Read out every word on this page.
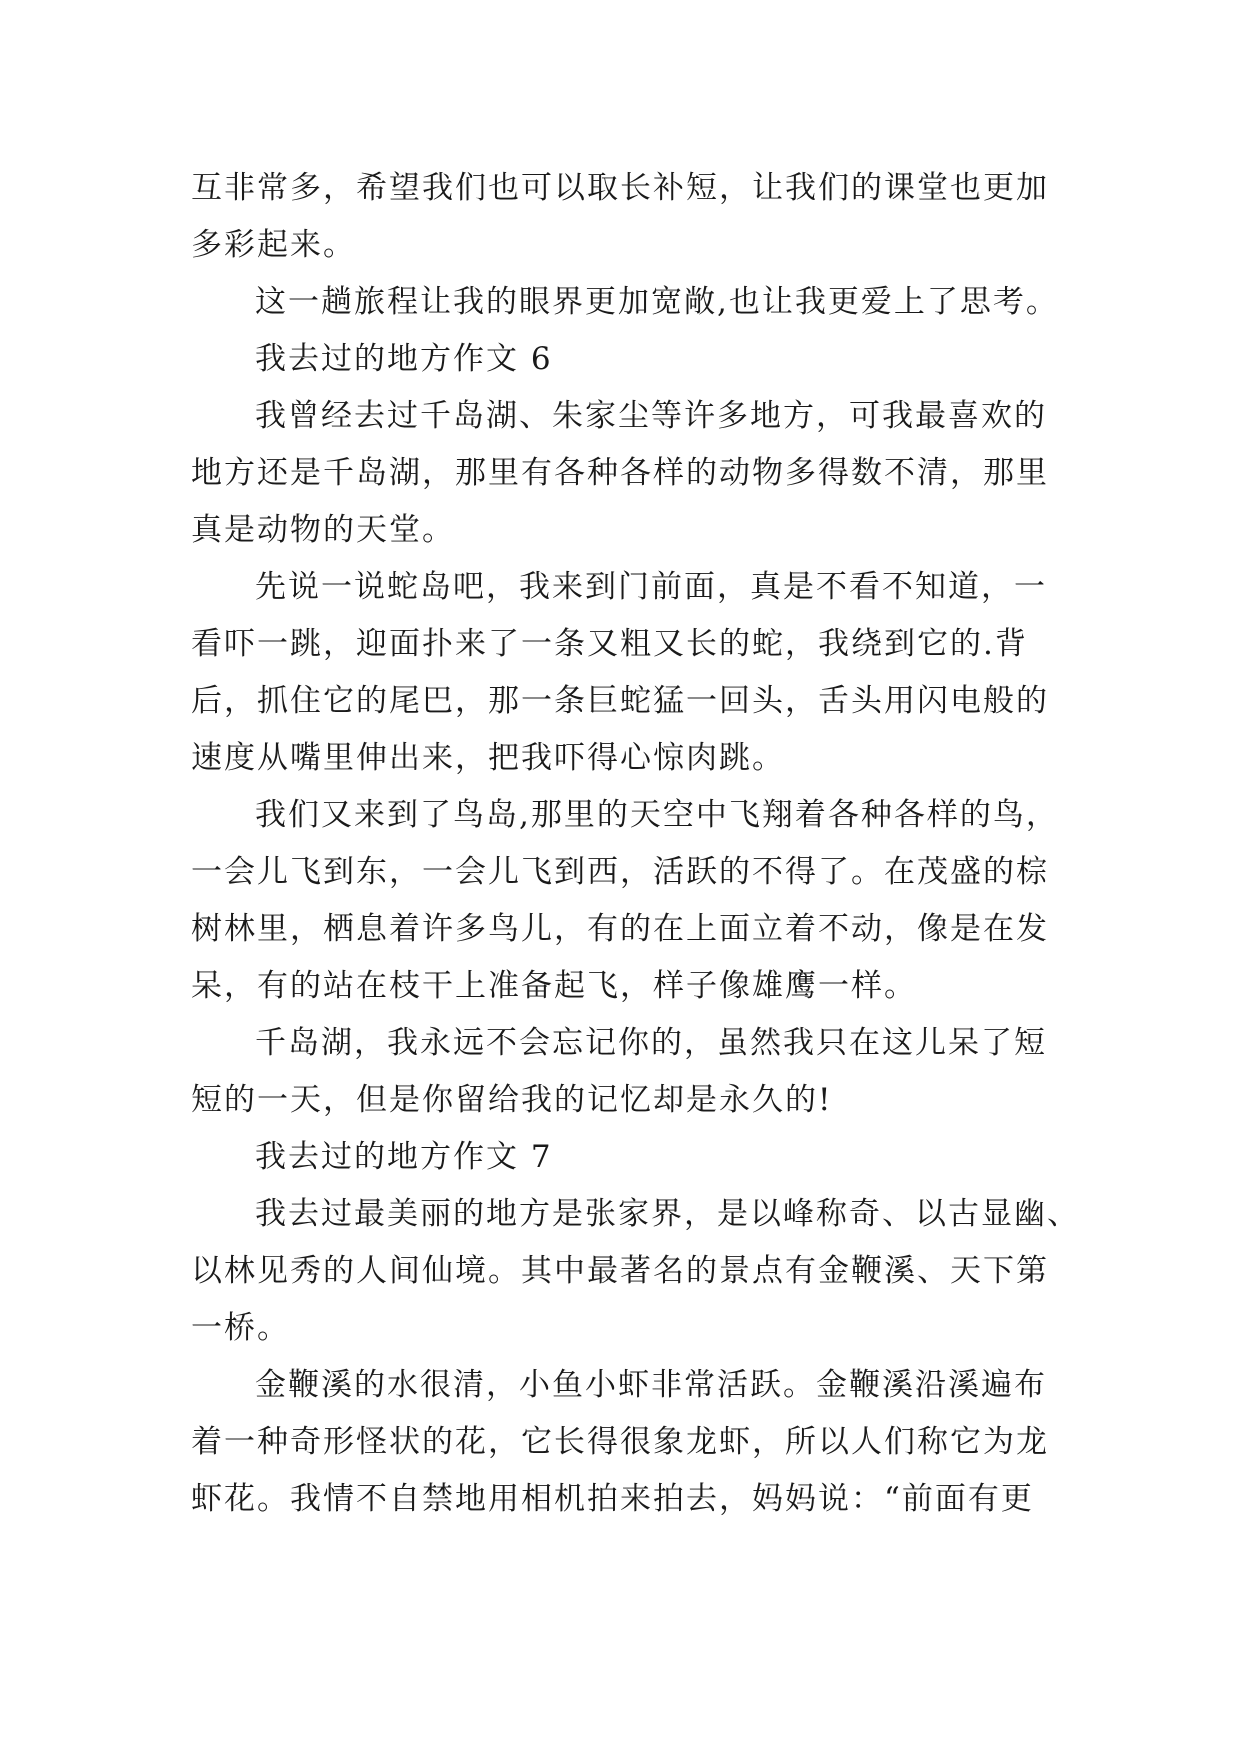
互非常多，希望我们也可以取长补短，让我们的课堂也更加
多彩起来。
这一趟旅程让我的眼界更加宽敞,也让我更爱上了思考。
我去过的地方作文 6
我曾经去过千岛湖、朱家尘等许多地方，可我最喜欢的
地方还是千岛湖，那里有各种各样的动物多得数不清，那里
真是动物的天堂。
先说一说蛇岛吧，我来到门前面，真是不看不知道，一
看吓一跳，迎面扑来了一条又粗又长的蛇，我绕到它的.背
后，抓住它的尾巴，那一条巨蛇猛一回头，舌头用闪电般的
速度从嘴里伸出来，把我吓得心惊肉跳。
我们又来到了鸟岛,那里的天空中飞翔着各种各样的鸟，
一会儿飞到东，一会儿飞到西，活跃的不得了。在茂盛的棕
树林里，栖息着许多鸟儿，有的在上面立着不动，像是在发
呆，有的站在枝干上准备起飞，样子像雄鹰一样。
千岛湖，我永远不会忘记你的，虽然我只在这儿呆了短
短的一天，但是你留给我的记忆却是永久的!
我去过的地方作文 7
我去过最美丽的地方是张家界，是以峰称奇、以古显幽、
以林见秀的人间仙境。其中最著名的景点有金鞭溪、天下第
一桥。
金鞭溪的水很清，小鱼小虾非常活跃。金鞭溪沿溪遍布
着一种奇形怪状的花，它长得很象龙虾，所以人们称它为龙
虾花。我情不自禁地用相机拍来拍去，妈妈说：“前面有更
